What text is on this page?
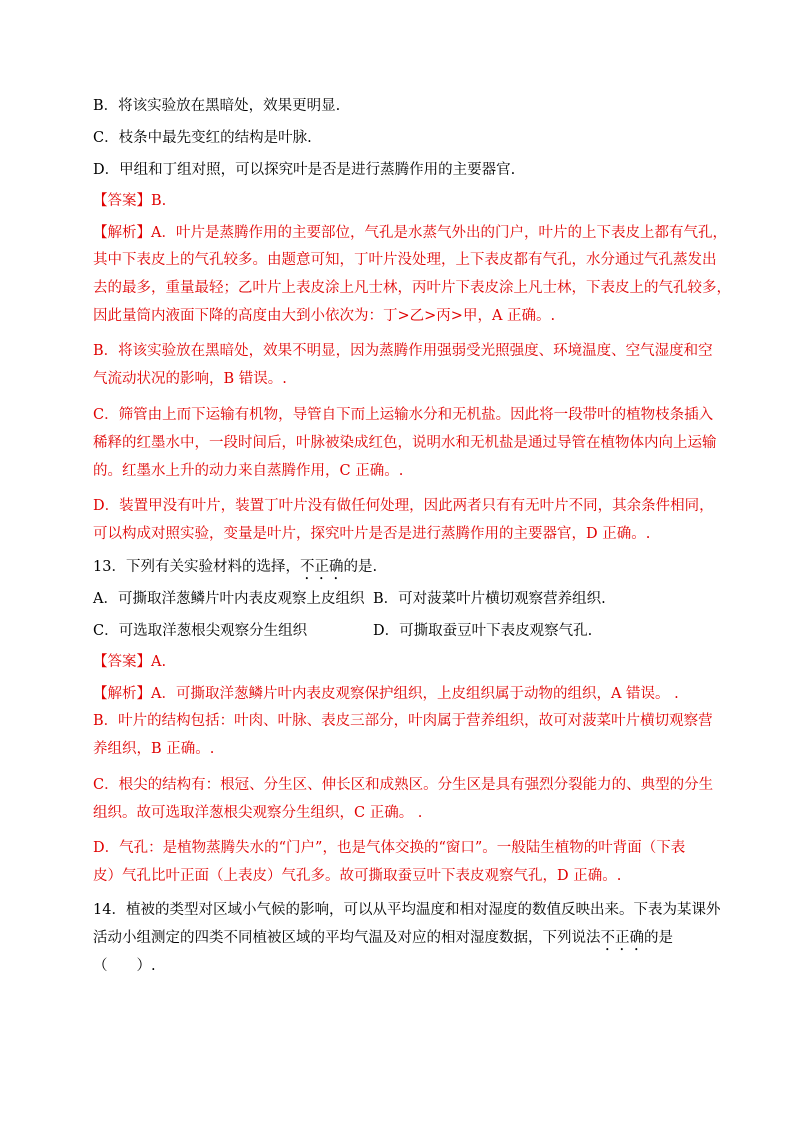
B．将该实验放在黑暗处，效果更明显.
C．枝条中最先变红的结构是叶脉.
D．甲组和丁组对照，可以探究叶是否是进行蒸腾作用的主要器官.
【答案】B.
【解析】A．叶片是蒸腾作用的主要部位，气孔是水蒸气外出的门户，叶片的上下表皮上都有气孔，
其中下表皮上的气孔较多。由题意可知，丁叶片没处理，上下表皮都有气孔，水分通过气孔蒸发出
去的最多，重量最轻；乙叶片上表皮涂上凡士林，丙叶片下表皮涂上凡士林，下表皮上的气孔较多，
因此量筒内液面下降的高度由大到小依次为：丁>乙>丙>甲，A 正确。.
B．将该实验放在黑暗处，效果不明显，因为蒸腾作用强弱受光照强度、环境温度、空气湿度和空
气流动状况的影响，B 错误。.
C．筛管由上而下运输有机物，导管自下而上运输水分和无机盐。因此将一段带叶的植物枝条插入
稀释的红墨水中，一段时间后，叶脉被染成红色，说明水和无机盐是通过导管在植物体内向上运输
的。红墨水上升的动力来自蒸腾作用，C 正确。.
D．装置甲没有叶片，装置丁叶片没有做任何处理，因此两者只有有无叶片不同，其余条件相同，
可以构成对照实验，变量是叶片，探究叶片是否是进行蒸腾作用的主要器官，D 正确。.
13．下列有关实验材料的选择，不正确的是.
A．可撕取洋葱鳞片叶内表皮观察上皮组织 B．可对菠菜叶片横切观察营养组织.
C．可选取洋葱根尖观察分生组织	D．可撕取蚕豆叶下表皮观察气孔.
【答案】A.
【解析】A．可撕取洋葱鳞片叶内表皮观察保护组织，上皮组织属于动物的组织，A 错误。 .
B．叶片的结构包括：叶肉、叶脉、表皮三部分，叶肉属于营养组织，故可对菠菜叶片横切观察营
养组织，B 正确。.
C．根尖的结构有：根冠、分生区、伸长区和成熟区。分生区是具有强烈分裂能力的、典型的分生
组织。故可选取洋葱根尖观察分生组织，C 正确。 .
D．气孔：是植物蒸腾失水的“门户”，也是气体交换的“窗口”。一般陆生植物的叶背面（下表
皮）气孔比叶正面（上表皮）气孔多。故可撕取蚕豆叶下表皮观察气孔，D 正确。.
14．植被的类型对区域小气候的影响，可以从平均温度和相对湿度的数值反映出来。下表为某课外
活动小组测定的四类不同植被区域的平均气温及对应的相对湿度数据，下列说法不正确的是
（　　）.
